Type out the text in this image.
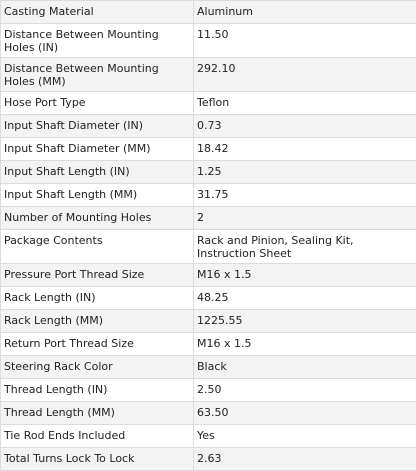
Casting Material	Aluminum
Distance Between Mounting Holes (IN)	11.50
Distance Between Mounting Holes (MM)	292.10
Hose Port Type	Teflon
Input Shaft Diameter (IN)	0.73
Input Shaft Diameter (MM)	18.42
Input Shaft Length (IN)	1.25
Input Shaft Length (MM)	31.75
Number of Mounting Holes	2
Package Contents	Rack and Pinion, Sealing Kit, Instruction Sheet
Pressure Port Thread Size	M16 x 1.5
Rack Length (IN)	48.25
Rack Length (MM)	1225.55
Return Port Thread Size	M16 x 1.5
Steering Rack Color	Black
Thread Length (IN)	2.50
Thread Length (MM)	63.50
Tie Rod Ends Included	Yes
Total Turns Lock To Lock	2.63
